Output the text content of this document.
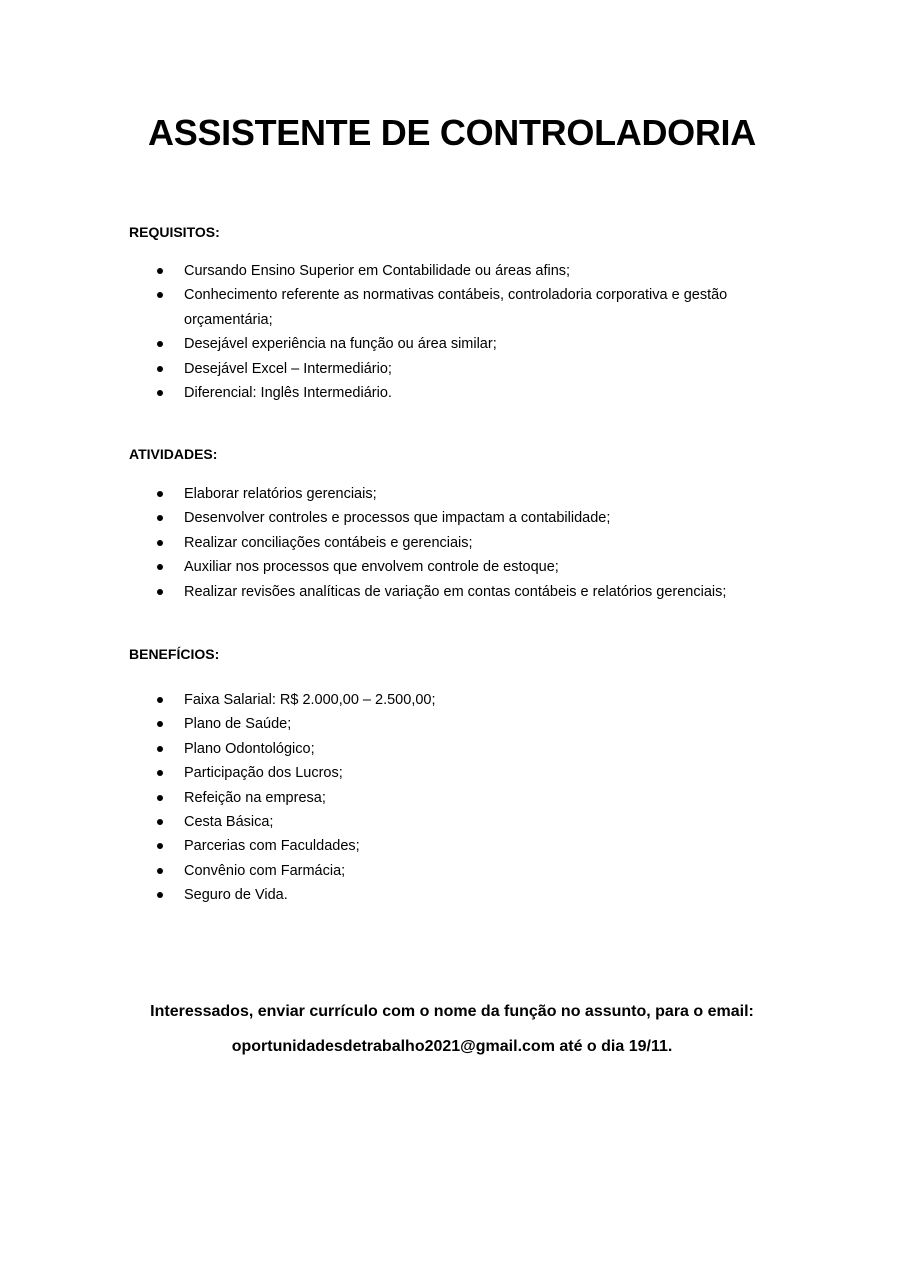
ASSISTENTE DE CONTROLADORIA

REQUISITOS:

Cursando Ensino Superior em Contabilidade ou áreas afins;
Conhecimento referente as normativas contábeis, controladoria corporativa e gestão orçamentária;
Desejável experiência na função ou área similar;
Desejável Excel – Intermediário;
Diferencial: Inglês Intermediário.

ATIVIDADES:

Elaborar relatórios gerenciais;
Desenvolver controles e processos que impactam a contabilidade;
Realizar conciliações contábeis e gerenciais;
Auxiliar nos processos que envolvem controle de estoque;
Realizar revisões analíticas de variação em contas contábeis e relatórios gerenciais;

BENEFÍCIOS:

Faixa Salarial: R$ 2.000,00 – 2.500,00;
Plano de Saúde;
Plano Odontológico;
Participação dos Lucros;
Refeição na empresa;
Cesta Básica;
Parcerias com Faculdades;
Convênio com Farmácia;
Seguro de Vida.

Interessados, enviar currículo com o nome da função no assunto, para o email:

oportunidadesdetrabalho2021@gmail.com até o dia 19/11.
